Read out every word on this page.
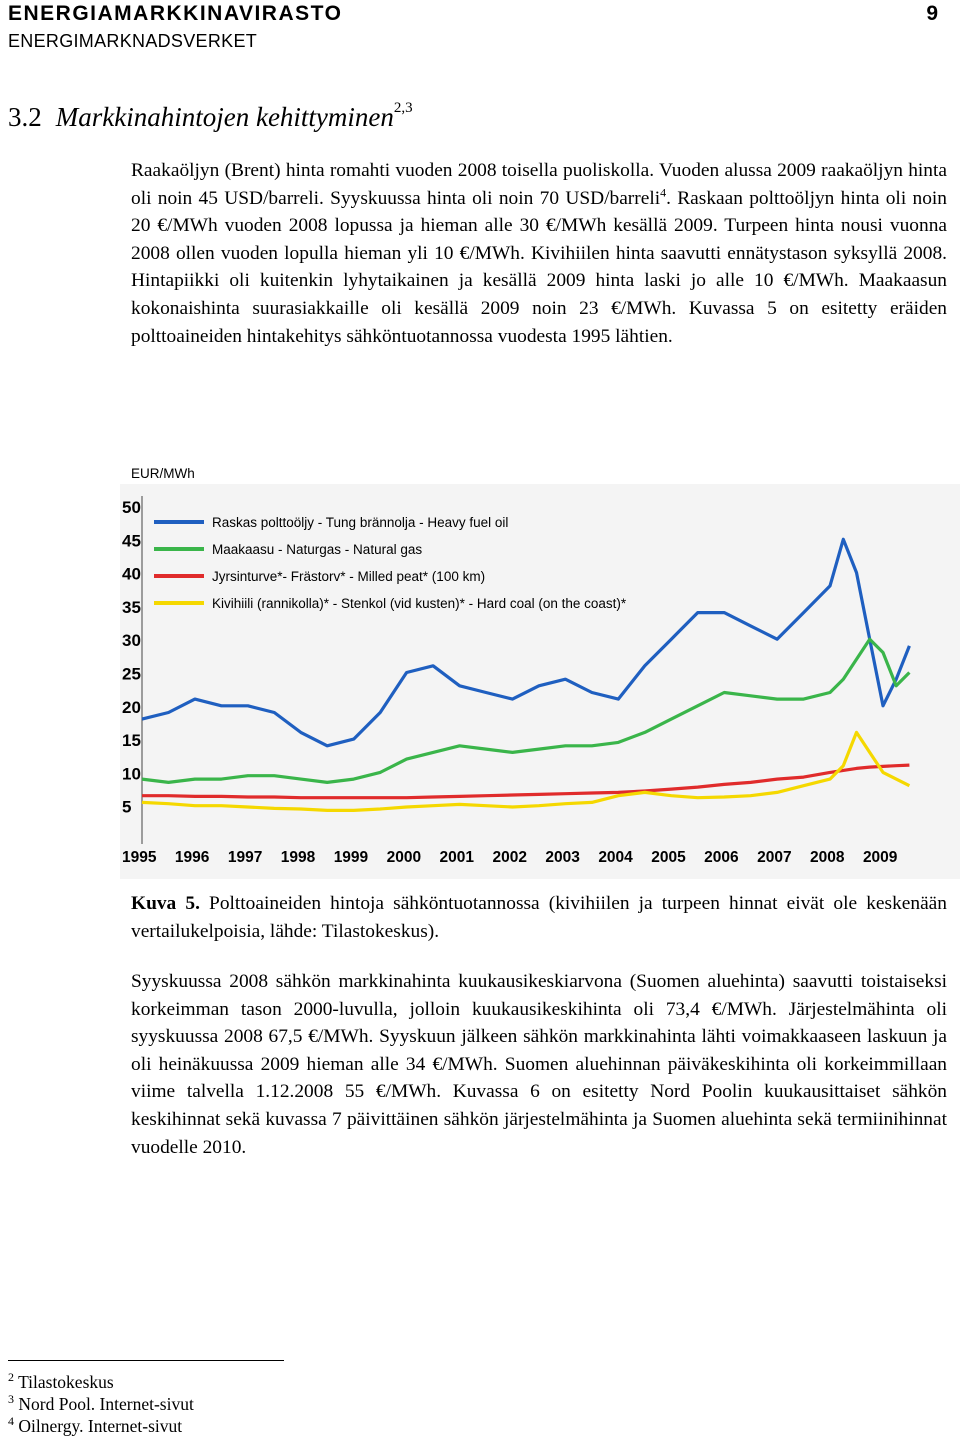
ENERGIAMARKKINAVIRASTO	9
ENERGIMARKNADSVERKET
3.2 Markkinahintojen kehittyminen$^{2,3}$
Raakaöljyn (Brent) hinta romahti vuoden 2008 toisella puoliskolla. Vuoden alussa 2009 raakaöljyn hinta oli noin 45 USD/barreli. Syyskuussa hinta oli noin 70 USD/barreli$^4$. Raskaan polttoöljyn hinta oli noin 20 €/MWh vuoden 2008 lopussa ja hieman alle 30 €/MWh kesällä 2009. Turpeen hinta nousi vuonna 2008 ollen vuoden lopulla hieman yli 10 €/MWh. Kivihiilen hinta saavutti ennätystason syksyllä 2008. Hintapiikki oli kuitenkin lyhytaikainen ja kesällä 2009 hinta laski jo alle 10 €/MWh. Maakaasun kokonaishinta suurasiakkaille oli kesällä 2009 noin 23 €/MWh. Kuvassa 5 on esitetty eräiden polttoaineiden hintakehitys sähköntuotannossa vuodesta 1995 lähtien.
EUR/MWh
5
10
15
20
25
30
35
40
45
50
1995 1996 1997 1998 1999 2000 2001 2002 2003 2004 2005 2006 2007 2008 2009
Raskas polttoöljy - Tung brännolja - Heavy fuel oil
Maakaasu - Naturgas - Natural gas
Jyrsinturve*- Frästorv* - Milled peat* (100 km)
Kivihiili (rannikolla)* - Stenkol (vid kusten)* - Hard coal (on the coast)*
Kuva 5. Polttoaineiden hintoja sähköntuotannossa (kivihiilen ja turpeen hinnat eivät ole keskenään vertailukelpoisia, lähde: Tilastokeskus).
Syyskuussa 2008 sähkön markkinahinta kuukausikeskiarvona (Suomen aluehinta) saavutti toistaiseksi korkeimman tason 2000-luvulla, jolloin kuukausikeskihinta oli 73,4 €/MWh. Järjestelmähinta oli syyskuussa 2008 67,5 €/MWh. Syyskuun jälkeen sähkön markkinahinta lähti voimakkaaseen laskuun ja oli heinäkuussa 2009 hieman alle 34 €/MWh. Suomen aluehinnan päiväkeskihinta oli korkeimmillaan viime talvella 1.12.2008 55 €/MWh. Kuvassa 6 on esitetty Nord Poolin kuukausittaiset sähkön keskihinnat sekä kuvassa 7 päivittäinen sähkön järjestelmähinta ja Suomen aluehinta sekä termiinihinnat vuodelle 2010.
$^2$ Tilastokeskus
$^3$ Nord Pool. Internet-sivut
$^4$ Oilnergy. Internet-sivut
